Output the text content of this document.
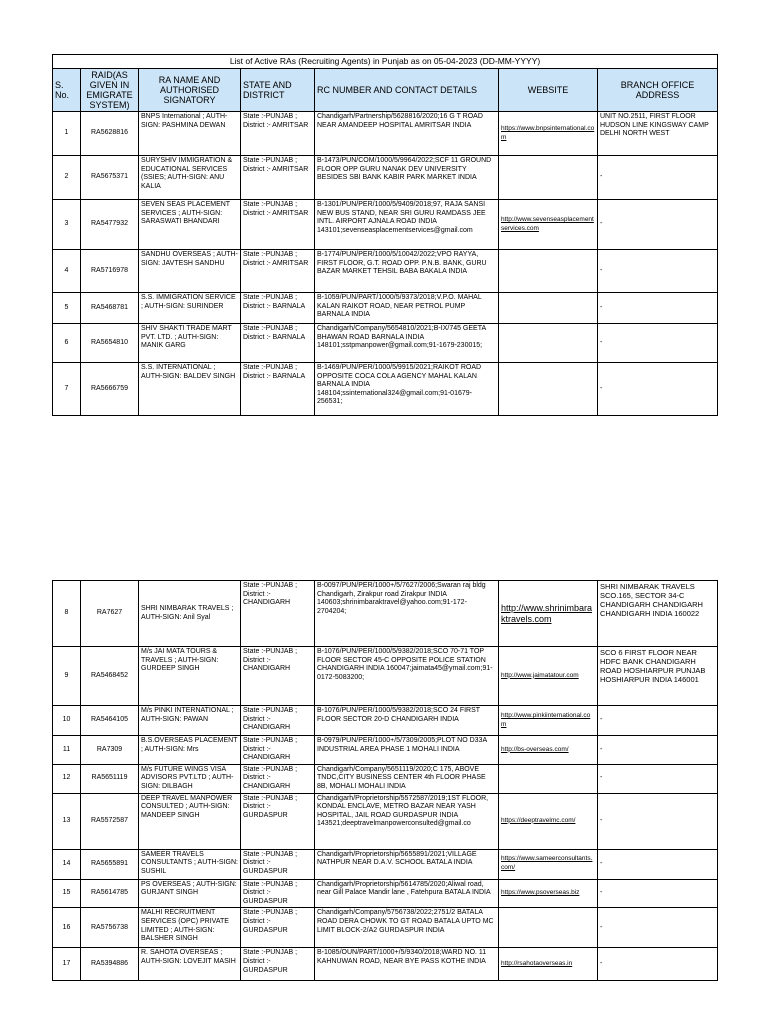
List of Active RAs (Recruiting Agents) in Punjab as on 05-04-2023 (DD-MM-YYYY)						
S. No.	RAID(AS GIVEN IN EMIGRATE SYSTEM)	RA NAME AND AUTHORISED SIGNATORY	STATE AND DISTRICT	RC NUMBER AND CONTACT DETAILS	WEBSITE	BRANCH OFFICE ADDRESS
1	RA5628816	BNPS International ; AUTH-SIGN: PASHMINA DEWAN	State :-PUNJAB ; District :- AMRITSAR	Chandigarh/Partnership/5628816/2020;16 G T ROAD NEAR AMANDEEP HOSPITAL AMRITSAR INDIA	https://www.bnpsinternational.com	UNIT NO.2511, FIRST FLOOR HUDSON LINE KINGSWAY CAMP DELHI NORTH WEST
2	RA5675371	SURYSHIV IMMIGRATION & EDUCATIONAL SERVICES (SSIES; AUTH-SIGN: ANU KALIA	State :-PUNJAB ; District :- AMRITSAR	B-1473/PUN/COM/1000/5/9964/2022;SCF 11 GROUND FLOOR OPP GURU NANAK DEV UNIVERSITY BESIDES SBI BANK KABIR PARK MARKET INDIA		-
3	RA5477932	SEVEN SEAS PLACEMENT SERVICES ; AUTH-SIGN: SARASWATI BHANDARI	State :-PUNJAB ; District :- AMRITSAR	B-1301/PUN/PER/1000/5/9409/2018;97, RAJA SANSI NEW BUS STAND, NEAR SRI GURU RAMDASS JEE INTL. AIRPORT AJNALA ROAD INDIA 143101;sevenseasplacementservices@gmail.com	http://www.sevenseasplacementservices.com	-
4	RA5716978	SANDHU OVERSEAS ; AUTH-SIGN: JAVTESH SANDHU	State :-PUNJAB ; District :- AMRITSAR	B-1774/PUN/PER/1000/5/10042/2022;VPO RAYYA, FIRST FLOOR, G.T. ROAD OPP. P.N.B. BANK, GURU BAZAR MARKET TEHSIL BABA BAKALA INDIA		-
5	RA5468781	S.S. IMMIGRATION SERVICE ; AUTH-SIGN: SURINDER	State :-PUNJAB ; District :- BARNALA	B-1059/PUN/PART/1000/5/9373/2018;V.P.O. MAHAL KALAN RAIKOT ROAD, NEAR PETROL PUMP BARNALA INDIA		-
6	RA5654810	SHIV SHAKTI TRADE MART PVT. LTD. ; AUTH-SIGN: MANIK GARG	State :-PUNJAB ; District :- BARNALA	Chandigarh/Company/5654810/2021;B-IX/745 GEETA BHAWAN ROAD BARNALA INDIA 148101;sstpmanpower@gmail.com;91-1679-230015;		-
7	RA5666759	S.S. INTERNATIONAL ; AUTH-SIGN: BALDEV SINGH	State :-PUNJAB ; District :- BARNALA	B-1469/PUN/PER/1000/5/9915/2021;RAIKOT ROAD OPPOSITE COCA COLA AGENCY MAHAL KALAN BARNALA INDIA 148104;ssinternational324@gmail.com;91-01679-256531;		-
8	RA7627	SHRI NIMBARAK TRAVELS ; AUTH-SIGN: Anil Syal	State :-PUNJAB ; District :- CHANDIGARH	B-0097/PUN/PER/1000+/5/7627/2006;Swaran raj bldg Chandigarh, Zirakpur road Zirakpur INDIA 140603;shrinimbaraktravel@yahoo.com;91-172-2704204;	http://www.shrinimbaraktravels.com	SHRI NIMBARAK TRAVELS SCO.165, SECTOR 34-C CHANDIGARH CHANDIGARH CHANDIGARH INDIA 160022
9	RA5468452	M/s JAI MATA TOURS & TRAVELS ; AUTH-SIGN: GURDEEP SINGH	State :-PUNJAB ; District :- CHANDIGARH	B-1076/PUN/PER/1000/5/9382/2018;SCO 70-71 TOP FLOOR SECTOR 45-C OPPOSITE POLICE STATION CHANDIGARH INDIA 160047;jaimata45@ymail.com;91-0172-5083200;	http://www.jaimatatour.com	SCO 6 FIRST FLOOR NEAR HDFC BANK CHANDIGARH ROAD HOSHIARPUR PUNJAB HOSHIARPUR INDIA 146001
10	RA5464105	M/s PINKI INTERNATIONAL ; AUTH-SIGN: PAWAN	State :-PUNJAB ; District :- CHANDIGARH	B-1076/PUN/PER/1000/5/9382/2018;SCO 24 FIRST FLOOR SECTOR 20-D CHANDIGARH INDIA	http://www.pinkiinternational.com	-
11	RA7309	B.S.OVERSEAS PLACEMENT ; AUTH-SIGN: Mrs	State :-PUNJAB ; District :- CHANDIGARH	B-0979/PUN/PER/1000+/5/7309/2005;PLOT NO D33A INDUSTRIAL AREA PHASE 1 MOHALI INDIA	http://bs-overseas.com/	-
12	RA5651119	M/s FUTURE WINGS VISA ADVISORS PVT.LTD ; AUTH-SIGN: DILBAGH	State :-PUNJAB ; District :- CHANDIGARH	Chandigarh/Company/5651119/2020;C 175, ABOVE TNDC,CITY BUSINESS CENTER 4th FLOOR PHASE 8B, MOHALI MOHALI INDIA		-
13	RA5572587	DEEP TRAVEL MANPOWER CONSULTED ; AUTH-SIGN: MANDEEP SINGH	State :-PUNJAB ; District :- GURDASPUR	Chandigarh/Proprietorship/5572587/2019;1ST FLOOR, KONDAL ENCLAVE, METRO BAZAR NEAR YASH HOSPITAL, JAIL ROAD GURDASPUR INDIA 143521;deeptravelmanpowerconsulted@gmail.co	https://deeptravelmc.com/	-
14	RA5655891	SAMEER TRAVELS CONSULTANTS ; AUTH-SIGN: SUSHIL	State :-PUNJAB ; District :- GURDASPUR	Chandigarh/Proprietorship/5655891/2021;VILLAGE NATHPUR NEAR D.A.V. SCHOOL BATALA INDIA	https://www.sameerconsultants.com/	-
15	RA5614785	PS OVERSEAS ; AUTH-SIGN: GURJANT SINGH	State :-PUNJAB ; District :- GURDASPUR	Chandigarh/Proprietorship/5614785/2020;Aliwal road, near Gill Palace Mandir lane , Fatehpura BATALA INDIA	https://www.psoverseas.biz	-
16	RA5756738	MALHI RECRUITMENT SERVICES (OPC) PRIVATE LIMITED ; AUTH-SIGN: BALSHER SINGH	State :-PUNJAB ; District :- GURDASPUR	Chandigarh/Company/5756738/2022;2751/2 BATALA ROAD DERA CHOWK TO GT ROAD BATALA UPTO MC LIMIT BLOCK-2/A2 GURDASPUR INDIA		-
17	RA5394886	R. SAHOTA OVERSEAS ; AUTH-SIGN: LOVEJIT MASIH	State :-PUNJAB ; District :- GURDASPUR	B-1085/OUN/PART/1000+/5/9340/2018;WARD NO. 11 KAHNUWAN ROAD, NEAR BYE PASS KOTHE INDIA	http://rsahotaoverseas.in	-
